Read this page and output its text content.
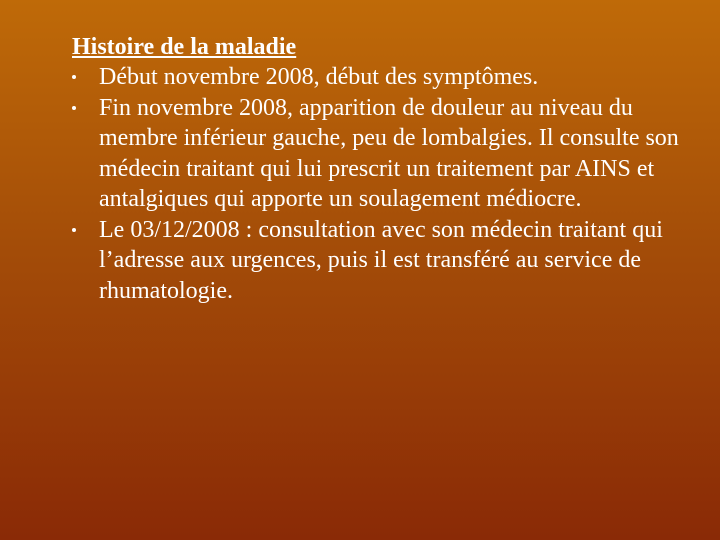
Histoire de la maladie
Début novembre 2008, début des symptômes.
Fin novembre 2008, apparition de douleur au niveau du membre inférieur gauche, peu de lombalgies. Il consulte son médecin traitant qui lui prescrit un traitement par AINS et antalgiques qui apporte un soulagement médiocre.
Le 03/12/2008 : consultation avec son médecin traitant qui l’adresse aux urgences, puis il est transféré au service de rhumatologie.
